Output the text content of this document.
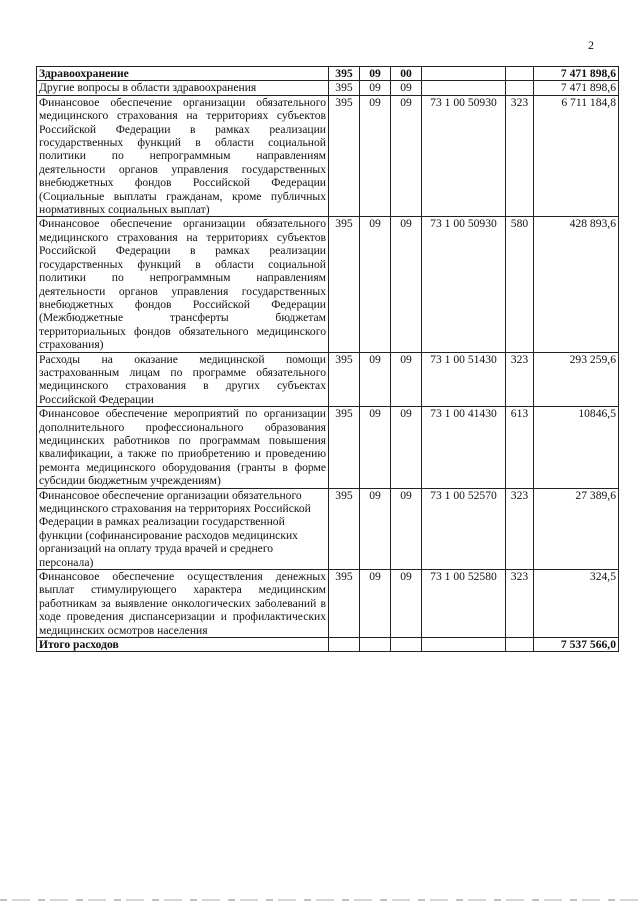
2
Здравоохранение	395	09	00			7 471 898,6
Другие вопросы в области здравоохранения	395	09	09			7 471 898,6
Финансовое обеспечение организации обязательного медицинского страхования на территориях субъектов Российской Федерации в рамках реализации государственных функций в области социальной политики по непрограммным направлениям деятельности органов управления государственных внебюджетных фондов Российской Федерации (Социальные выплаты гражданам, кроме публичных нормативных социальных выплат)	395	09	09	73 1 00 50930	323	6 711 184,8
Финансовое обеспечение организации обязательного медицинского страхования на территориях субъектов Российской Федерации в рамках реализации государственных функций в области социальной политики по непрограммным направлениям деятельности органов управления государственных внебюджетных фондов Российской Федерации (Межбюджетные трансферты бюджетам территориальных фондов обязательного медицинского страхования)	395	09	09	73 1 00 50930	580	428 893,6
Расходы на оказание медицинской помощи застрахованным лицам по программе обязательного медицинского страхования в других субъектах Российской Федерации	395	09	09	73 1 00 51430	323	293 259,6
Финансовое обеспечение мероприятий по организации дополнительного профессионального образования медицинских работников по программам повышения квалификации, а также по приобретению и проведению ремонта медицинского оборудования (гранты в форме субсидии бюджетным учреждениям)	395	09	09	73 1 00 41430	613	10846,5
Финансовое обеспечение организации обязательного медицинского страхования на территориях Российской Федерации в рамках реализации государственной функции (софинансирование расходов медицинских организаций на оплату труда врачей и среднего персонала)	395	09	09	73 1 00 52570	323	27 389,6
Финансовое обеспечение осуществления денежных выплат стимулирующего характера медицинским работникам за выявление онкологических заболеваний в ходе проведения диспансеризации и профилактических медицинских осмотров населения	395	09	09	73 1 00 52580	323	324,5
Итого расходов						7 537 566,0
